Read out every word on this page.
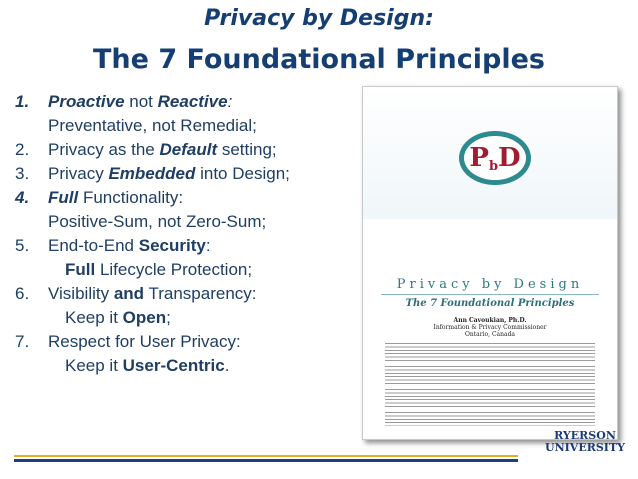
Privacy by Design:
The 7 Foundational Principles
1. Proactive not Reactive:
Preventative, not Remedial;
2. Privacy as the Default setting;
3. Privacy Embedded into Design;
4. Full Functionality:
Positive-Sum, not Zero-Sum;
5. End-to-End Security:
Full Lifecycle Protection;
6. Visibility and Transparency:
Keep it Open;
7. Respect for User Privacy:
Keep it User-Centric.
P b D
Privacy by Design
The 7 Foundational Principles
Ann Cavoukian, Ph.D.
Information & Privacy Commissioner
Ontario, Canada
RYERSON
UNIVERSITY
